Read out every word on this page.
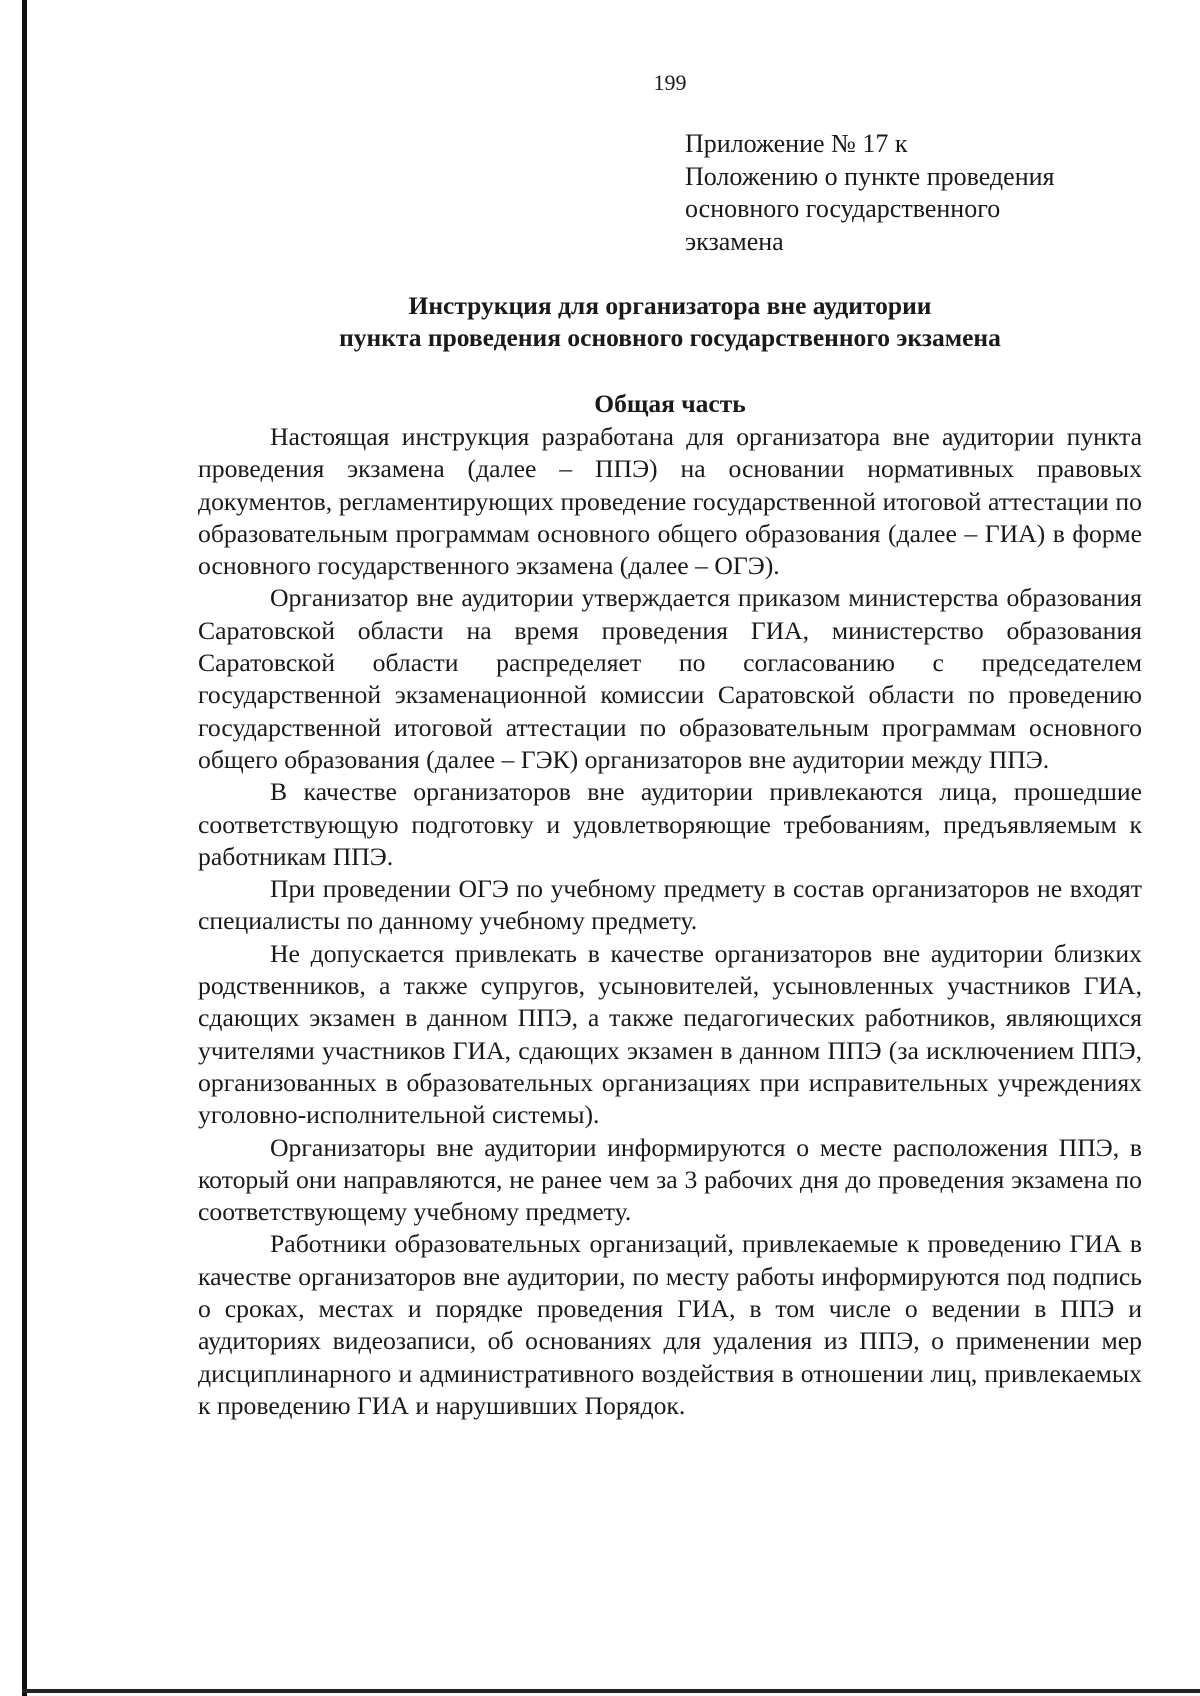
199
Приложение № 17 к
Положению о пункте проведения
основного государственного
экзамена
Инструкция для организатора вне аудитории
пункта проведения основного государственного экзамена
Общая часть

Настоящая инструкция разработана для организатора вне аудитории пункта проведения экзамена (далее – ППЭ) на основании нормативных правовых документов, регламентирующих проведение государственной итоговой аттестации по образовательным программам основного общего образования (далее – ГИА) в форме основного государственного экзамена (далее – ОГЭ).

Организатор вне аудитории утверждается приказом министерства образования Саратовской области на время проведения ГИА, министерство образования Саратовской области распределяет по согласованию с председателем государственной экзаменационной комиссии Саратовской области по проведению государственной итоговой аттестации по образовательным программам основного общего образования (далее – ГЭК) организаторов вне аудитории между ППЭ.

В качестве организаторов вне аудитории привлекаются лица, прошедшие соответствующую подготовку и удовлетворяющие требованиям, предъявляемым к работникам ППЭ.

При проведении ОГЭ по учебному предмету в состав организаторов не входят специалисты по данному учебному предмету.

Не допускается привлекать в качестве организаторов вне аудитории близких родственников, а также супругов, усыновителей, усыновленных участников ГИА, сдающих экзамен в данном ППЭ, а также педагогических работников, являющихся учителями участников ГИА, сдающих экзамен в данном ППЭ (за исключением ППЭ, организованных в образовательных организациях при исправительных учреждениях уголовно-исполнительной системы).

Организаторы вне аудитории информируются о месте расположения ППЭ, в который они направляются, не ранее чем за 3 рабочих дня до проведения экзамена по соответствующему учебному предмету.

Работники образовательных организаций, привлекаемые к проведению ГИА в качестве организаторов вне аудитории, по месту работы информируются под подпись о сроках, местах и порядке проведения ГИА, в том числе о ведении в ППЭ и аудиториях видеозаписи, об основаниях для удаления из ППЭ, о применении мер дисциплинарного и административного воздействия в отношении лиц, привлекаемых к проведению ГИА и нарушивших Порядок.
